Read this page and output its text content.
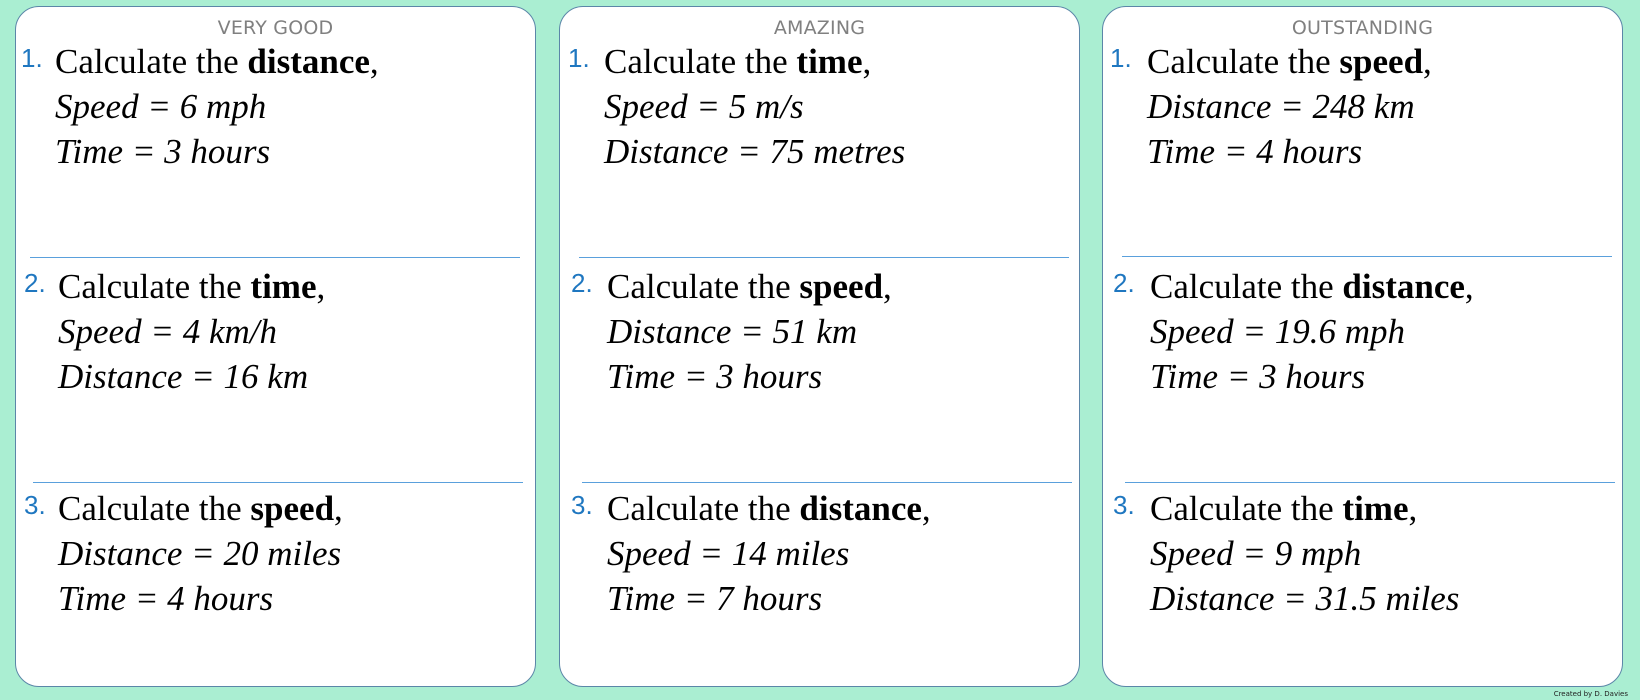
VERY GOOD
1. Calculate the distance,
Speed = 6 mph
Time = 3 hours
2. Calculate the time,
Speed = 4 km/h
Distance = 16 km
3. Calculate the speed,
Distance = 20 miles
Time = 4 hours
AMAZING
1. Calculate the time,
Speed = 5 m/s
Distance = 75 metres
2. Calculate the speed,
Distance = 51 km
Time = 3 hours
3. Calculate the distance,
Speed = 14 miles
Time = 7 hours
OUTSTANDING
1. Calculate the speed,
Distance = 248 km
Time = 4 hours
2. Calculate the distance,
Speed = 19.6 mph
Time = 3 hours
3. Calculate the time,
Speed = 9 mph
Distance = 31.5 miles
Created by D. Davies
